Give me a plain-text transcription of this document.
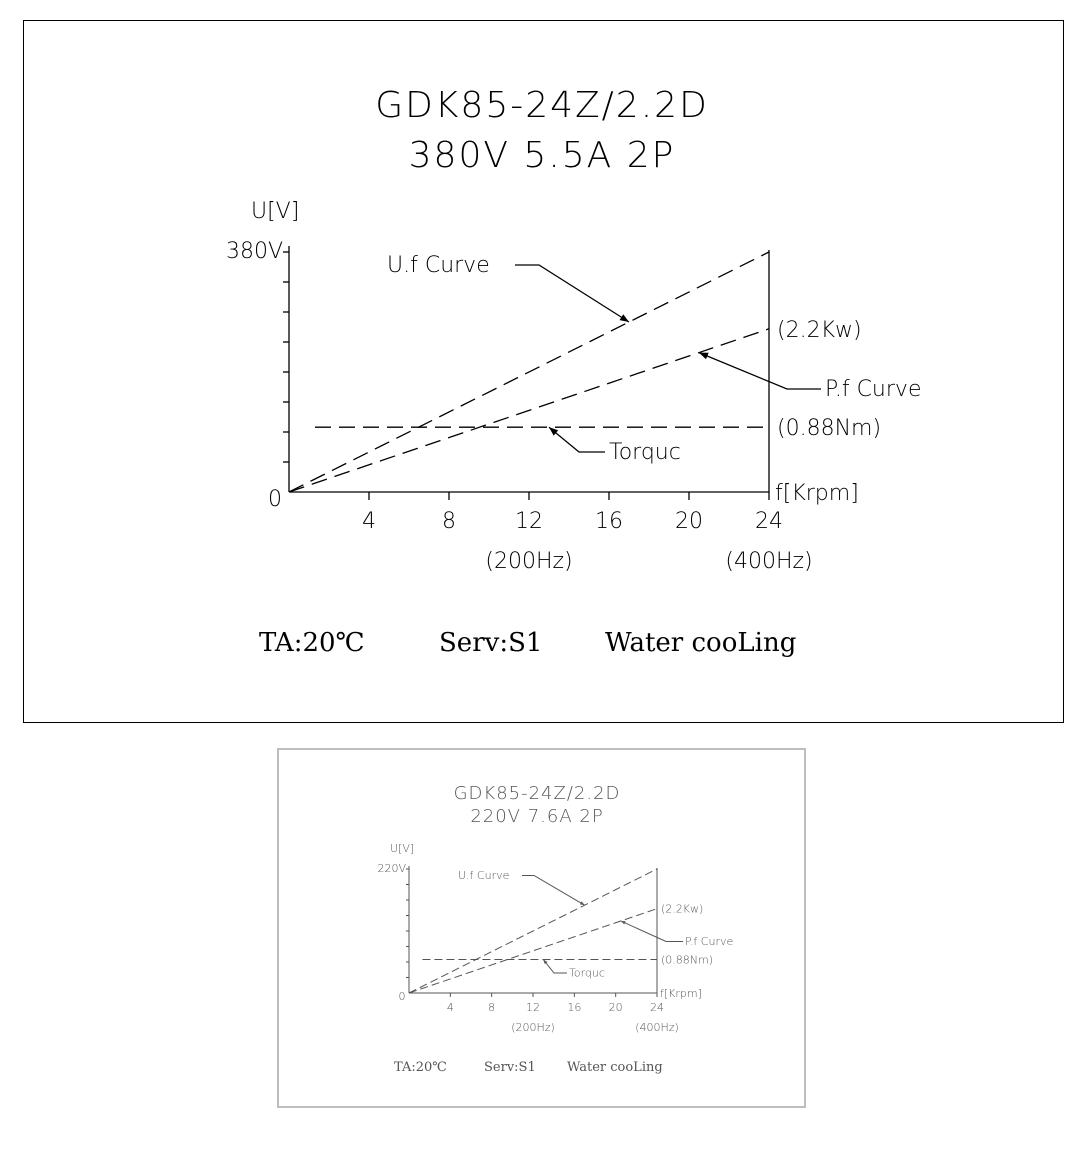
GDK85-24Z/2.2D
380V 5.5A 2P
4	8	12 16 20 24
(200Hz)	(400Hz)
U[V]
380V
0	f[Krpm]
(2.2Kw)
(0.88Nm)
U.f Curve
P.f Curve
Torquc
TA:20℃	Serv:S1 Water cooLing
GDK85-24Z/2.2D
220V 7.6A 2P
4	8	12 16 20 24
(200Hz)	(400Hz)
U[V]
220V
0	f[Krpm]
(2.2Kw)
(0.88Nm)
U.f Curve
P.f Curve
Torquc
TA:20℃	Serv:S1 Water cooLing
